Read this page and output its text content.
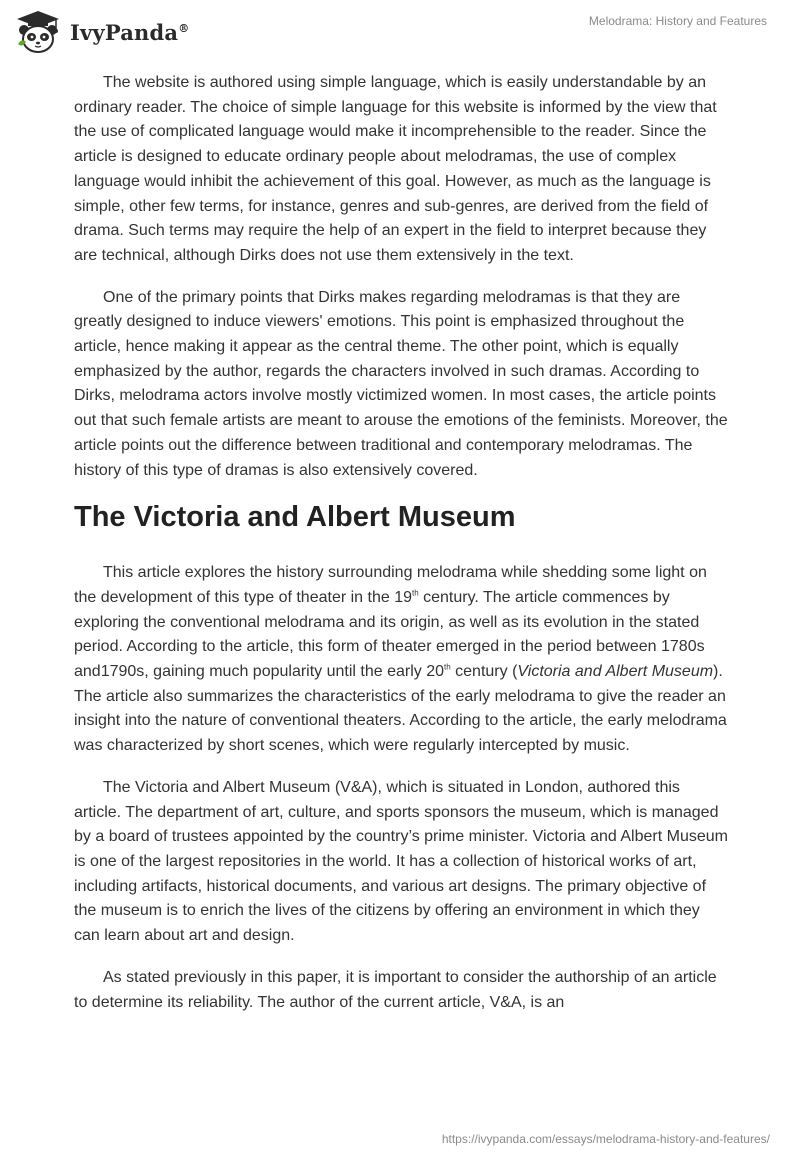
IvyPanda®	Melodrama: History and Features

The website is authored using simple language, which is easily understandable by an ordinary reader. The choice of simple language for this website is informed by the view that the use of complicated language would make it incomprehensible to the reader. Since the article is designed to educate ordinary people about melodramas, the use of complex language would inhibit the achievement of this goal. However, as much as the language is simple, other few terms, for instance, genres and sub-genres, are derived from the field of drama. Such terms may require the help of an expert in the field to interpret because they are technical, although Dirks does not use them extensively in the text.

One of the primary points that Dirks makes regarding melodramas is that they are greatly designed to induce viewers' emotions. This point is emphasized throughout the article, hence making it appear as the central theme. The other point, which is equally emphasized by the author, regards the characters involved in such dramas. According to Dirks, melodrama actors involve mostly victimized women. In most cases, the article points out that such female artists are meant to arouse the emotions of the feminists. Moreover, the article points out the difference between traditional and contemporary melodramas. The history of this type of dramas is also extensively covered.

The Victoria and Albert Museum

This article explores the history surrounding melodrama while shedding some light on the development of this type of theater in the 19th century. The article commences by exploring the conventional melodrama and its origin, as well as its evolution in the stated period. According to the article, this form of theater emerged in the period between 1780s and1790s, gaining much popularity until the early 20th century (Victoria and Albert Museum). The article also summarizes the characteristics of the early melodrama to give the reader an insight into the nature of conventional theaters. According to the article, the early melodrama was characterized by short scenes, which were regularly intercepted by music.

The Victoria and Albert Museum (V&A), which is situated in London, authored this article. The department of art, culture, and sports sponsors the museum, which is managed by a board of trustees appointed by the country’s prime minister. Victoria and Albert Museum is one of the largest repositories in the world. It has a collection of historical works of art, including artifacts, historical documents, and various art designs. The primary objective of the museum is to enrich the lives of the citizens by offering an environment in which they can learn about art and design.

As stated previously in this paper, it is important to consider the authorship of an article to determine its reliability. The author of the current article, V&A, is an

https://ivypanda.com/essays/melodrama-history-and-features/
